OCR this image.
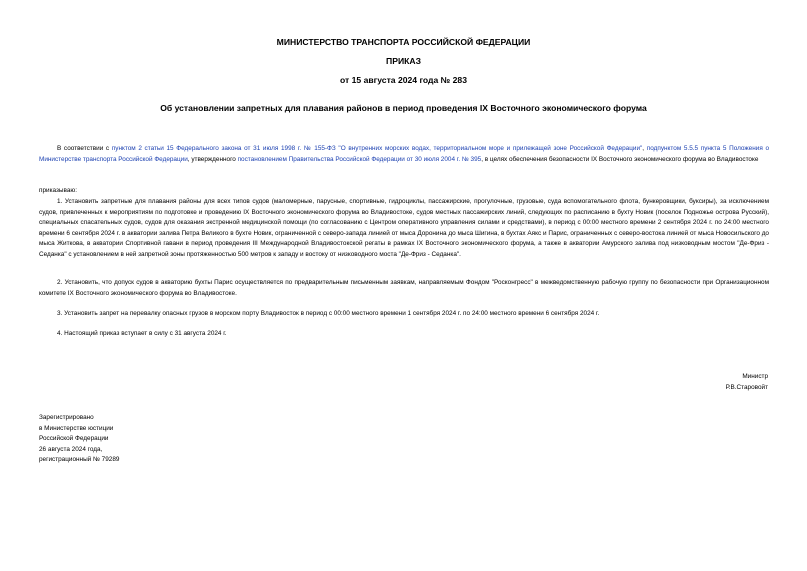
МИНИСТЕРСТВО ТРАНСПОРТА РОССИЙСКОЙ ФЕДЕРАЦИИ
ПРИКАЗ
от 15 августа 2024 года № 283
Об установлении запретных для плавания районов в период проведения IX Восточного экономического форума
В соответствии с пунктом 2 статьи 15 Федерального закона от 31 июля 1998 г. № 155-ФЗ "О внутренних морских водах, территориальном море и прилежащей зоне Российской Федерации", подпунктом 5.5.5 пункта 5 Положения о Министерстве транспорта Российской Федерации, утвержденного постановлением Правительства Российской Федерации от 30 июля 2004 г. № 395, в целях обеспечения безопасности IX Восточного экономического форума во Владивостоке
приказываю:
1. Установить запретные для плавания районы для всех типов судов (маломерные, парусные, спортивные, гидроциклы, пассажирские, прогулочные, грузовые, суда вспомогательного флота, бункеровщики, буксиры), за исключением судов, привлеченных к мероприятиям по подготовке и проведению IX Восточного экономического форума во Владивостоке, судов местных пассажирских линий, следующих по расписанию в бухту Новик (поселок Подножье острова Русский), специальных спасательных судов, судов для оказания экстренной медицинской помощи (по согласованию с Центром оперативного управления силами и средствами), в период с 00:00 местного времени 2 сентября 2024 г. по 24:00 местного времени 6 сентября 2024 г. в акватории залива Петра Великого в бухте Новик, ограниченной с северо-запада линией от мыса Доронина до мыса Шигина, в бухтах Аякс и Парис, ограниченных с северо-востока линией от мыса Новосильского до мыса Житкова, в акватории Спортивной гавани в период проведения III Международной Владивостокской регаты в рамках IX Восточного экономического форума, а также в акватории Амурского залива под низководным мостом "Де-Фриз - Седанка" с установлением в ней запретной зоны протяженностью 500 метров к западу и востоку от низководного моста "Де-Фриз - Седанка".
2. Установить, что допуск судов в акваторию бухты Парис осуществляется по предварительным письменным заявкам, направляемым Фондом "Росконгресс" в межведомственную рабочую группу по безопасности при Организационном комитете IX Восточного экономического форума во Владивостоке.
3. Установить запрет на перевалку опасных грузов в морском порту Владивосток в период с 00:00 местного времени 1 сентября 2024 г. по 24:00 местного времени 6 сентября 2024 г.
4. Настоящий приказ вступает в силу с 31 августа 2024 г.
Министр
Р.В.Старовойт
Зарегистрировано
в Министерстве юстиции
Российской Федерации
26 августа 2024 года,
регистрационный № 79289
